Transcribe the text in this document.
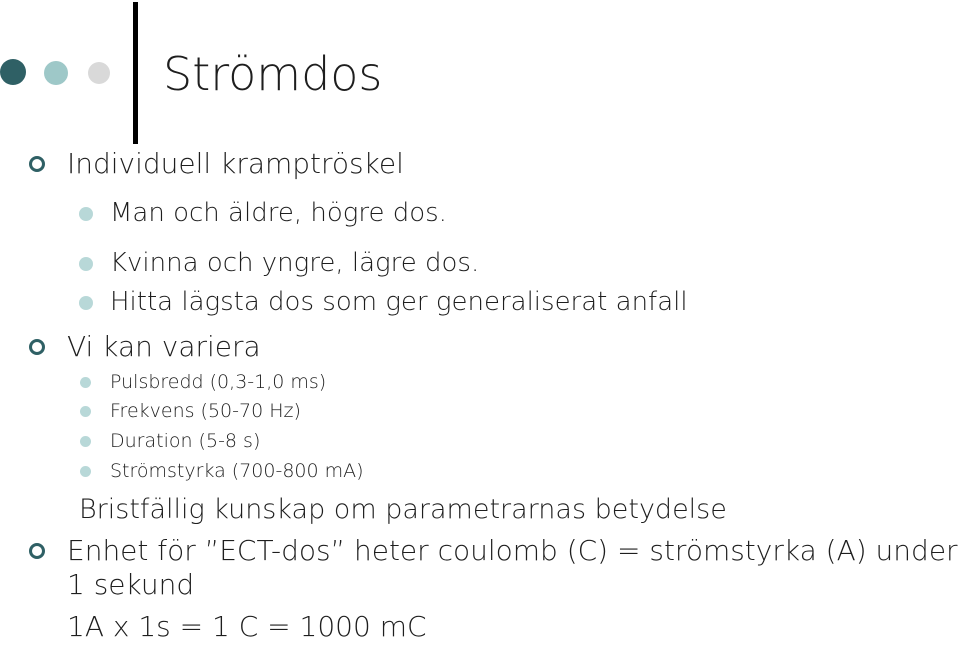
Strömdos
Individuell kramptröskel
Man och äldre, högre dos.
Kvinna och yngre, lägre dos.
Hitta lägsta dos som ger generaliserat anfall
Vi kan variera
Pulsbredd (0,3-1,0 ms)
Frekvens (50-70 Hz)
Duration (5-8 s)
Strömstyrka (700-800 mA)
Bristfällig kunskap om parametrarnas betydelse
Enhet för ”ECT-dos” heter coulomb (C) = strömstyrka (A) under
1 sekund
1A x 1s = 1 C = 1000 mC
